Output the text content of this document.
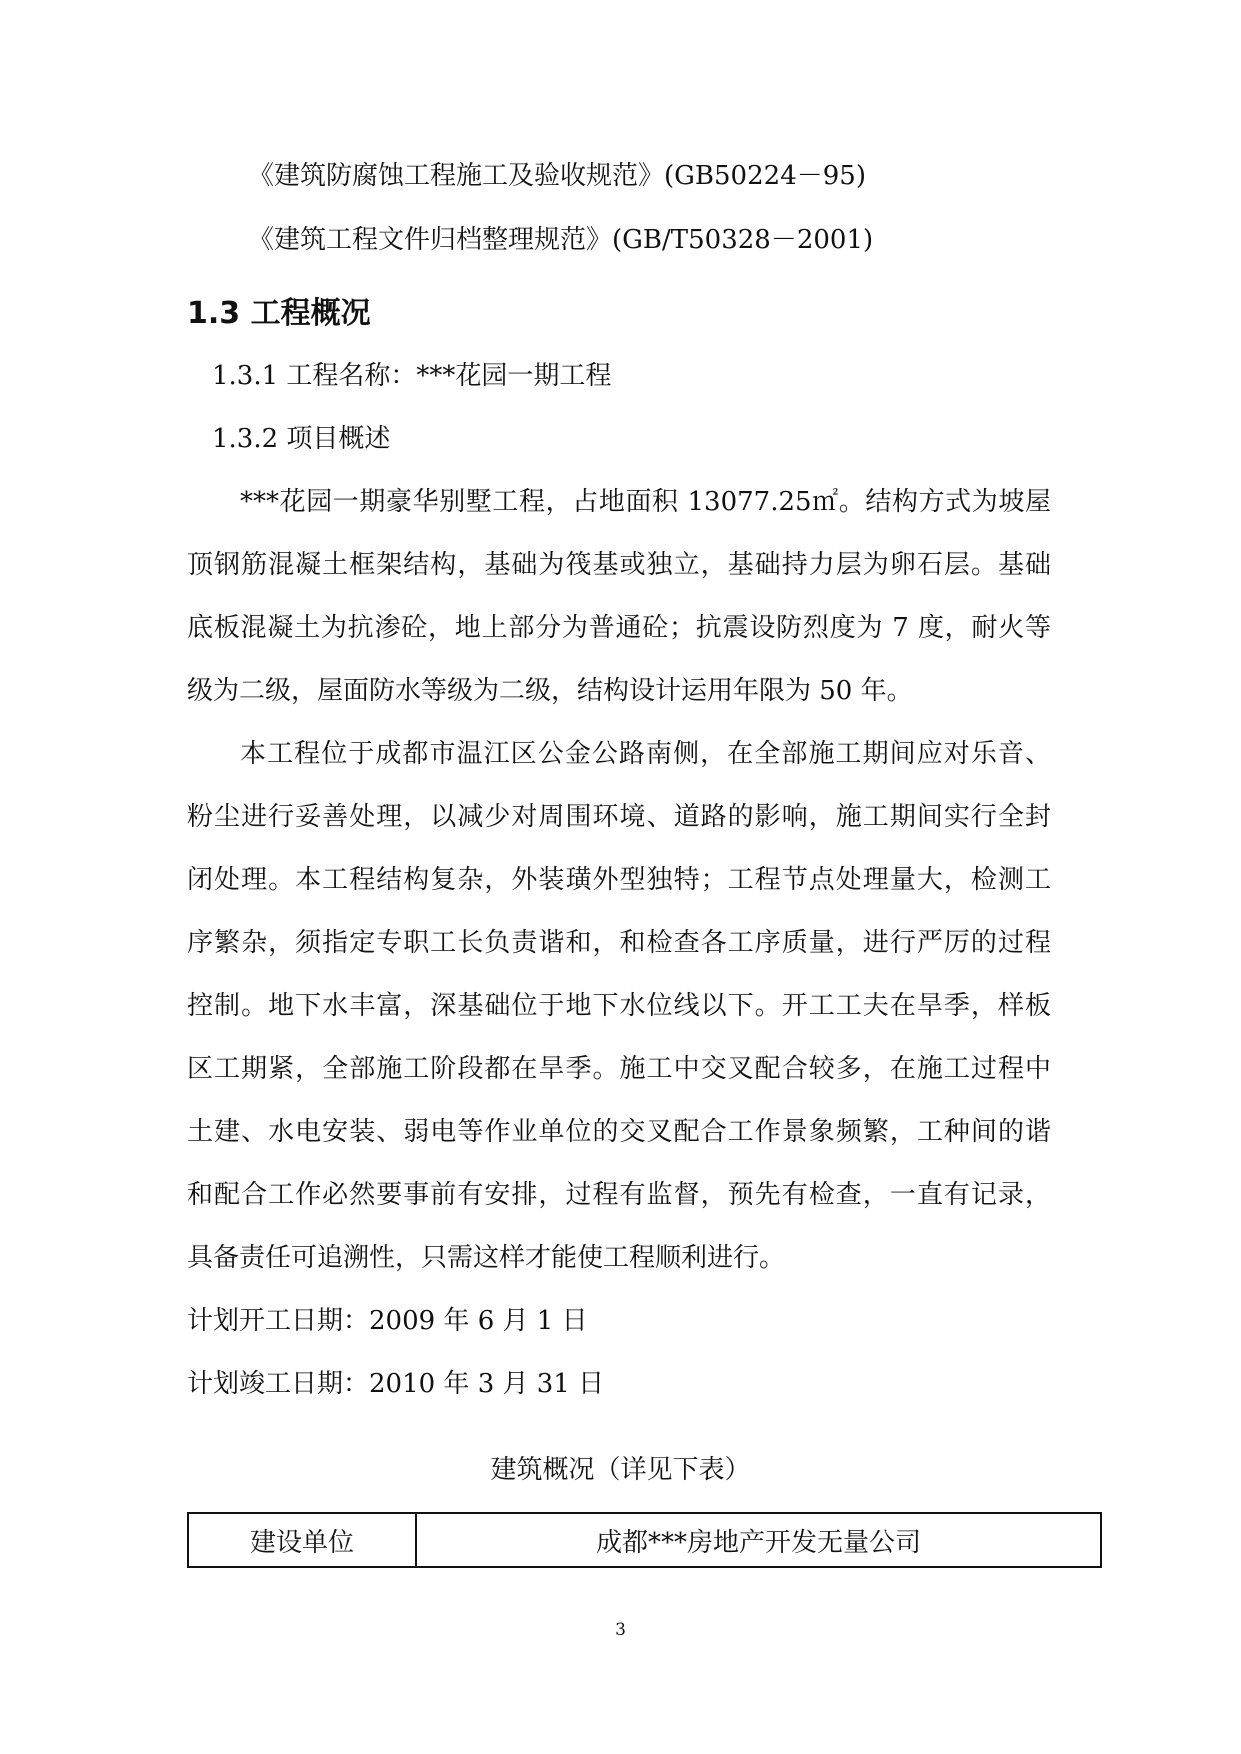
《建筑防腐蚀工程施工及验收规范》(GB50224－95)
《建筑工程文件归档整理规范》(GB/T50328－2001)
1.3 工程概况
1.3.1 工程名称：***花园一期工程
1.3.2 项目概述
***花园一期豪华别墅工程，占地面积 13077.25㎡。结构方式为坡屋
顶钢筋混凝土框架结构，基础为筏基或独立，基础持力层为卵石层。基础
底板混凝土为抗渗砼，地上部分为普通砼；抗震设防烈度为 7 度，耐火等
级为二级，屋面防水等级为二级，结构设计运用年限为 50 年。
本工程位于成都市温江区公金公路南侧，在全部施工期间应对乐音、
粉尘进行妥善处理，以减少对周围环境、道路的影响，施工期间实行全封
闭处理。本工程结构复杂，外装璜外型独特；工程节点处理量大，检测工
序繁杂，须指定专职工长负责谐和，和检查各工序质量，进行严厉的过程
控制。地下水丰富，深基础位于地下水位线以下。开工工夫在旱季，样板
区工期紧，全部施工阶段都在旱季。施工中交叉配合较多，在施工过程中
土建、水电安装、弱电等作业单位的交叉配合工作景象频繁，工种间的谐
和配合工作必然要事前有安排，过程有监督，预先有检查，一直有记录，
具备责任可追溯性，只需这样才能使工程顺利进行。
计划开工日期：2009 年 6 月 1 日
计划竣工日期：2010 年 3 月 31 日
建筑概况（详见下表）
建设单位	成都***房地产开发无量公司
3
